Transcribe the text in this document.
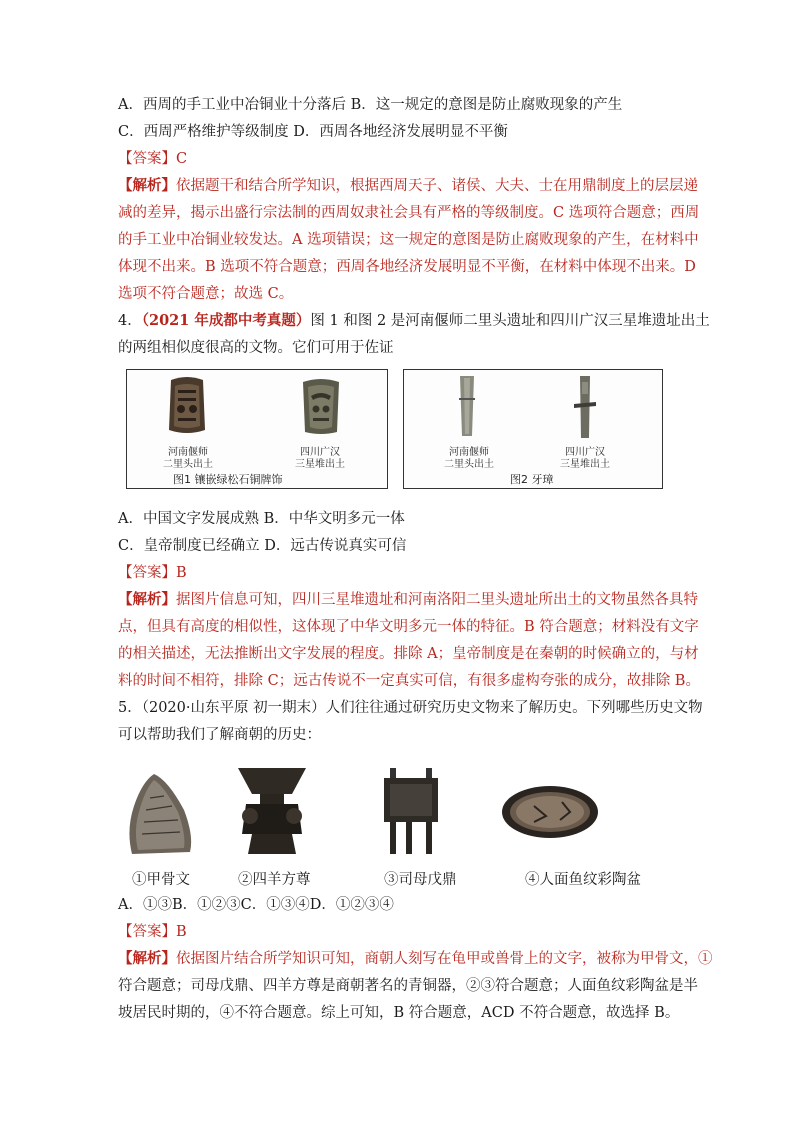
A．西周的手工业中冶铜业十分落后 B．这一规定的意图是防止腐败现象的产生
C．西周严格维护等级制度 D．西周各地经济发展明显不平衡
【答案】C
【解析】依据题干和结合所学知识，根据西周天子、诸侯、大夫、士在用鼎制度上的层层递
减的差异，揭示出盛行宗法制的西周奴隶社会具有严格的等级制度。C 选项符合题意；西周
的手工业中冶铜业较发达。A 选项错误；这一规定的意图是防止腐败现象的产生，在材料中
体现不出来。B 选项不符合题意；西周各地经济发展明显不平衡，在材料中体现不出来。D
选项不符合题意；故选 C。
4．（2021 年成都中考真题）图 1 和图 2 是河南偃师二里头遗址和四川广汉三星堆遗址出土
的两组相似度很高的文物。它们可用于佐证
河南偃师
二里头出土
四川广汉
三星堆出土
图1 镶嵌绿松石铜牌饰
河南偃师
二里头出土
四川广汉
三星堆出土
图2 牙璋
A．中国文字发展成熟 B．中华文明多元一体
C．皇帝制度已经确立 D．远古传说真实可信
【答案】B
【解析】据图片信息可知，四川三星堆遗址和河南洛阳二里头遗址所出土的文物虽然各具特
点，但具有高度的相似性，这体现了中华文明多元一体的特征。B 符合题意；材料没有文字
的相关描述，无法推断出文字发展的程度。排除 A；皇帝制度是在秦朝的时候确立的，与材
料的时间不相符，排除 C；远古传说不一定真实可信，有很多虚构夸张的成分，故排除 B。
5．（2020·山东平原 初一期末）人们往往通过研究历史文物来了解历史。下列哪些历史文物
可以帮助我们了解商朝的历史：
①甲骨文	②四羊方尊	③司母戊鼎	④人面鱼纹彩陶盆
A．①③B．①②③C．①③④D．①②③④
【答案】B
【解析】依据图片结合所学知识可知，商朝人刻写在龟甲或兽骨上的文字，被称为甲骨文，①
符合题意；司母戊鼎、四羊方尊是商朝著名的青铜器，②③符合题意；人面鱼纹彩陶盆是半
坡居民时期的，④不符合题意。综上可知，B 符合题意，ACD 不符合题意，故选择 B。
